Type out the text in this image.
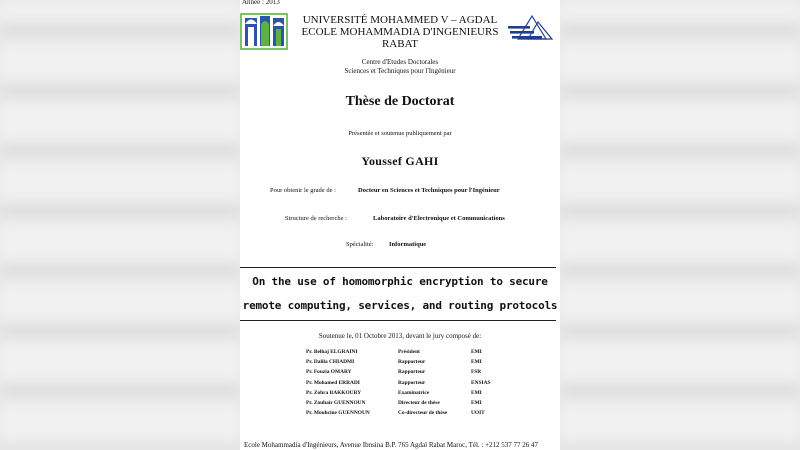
Année : 2013
UNIVERSITÉ MOHAMMED V – AGDAL
ECOLE MOHAMMADIA D'INGENIEURS
RABAT
Centre d'Etudes Doctorales
Sciences et Techniques pour l'Ingénieur
Thèse de Doctorat
Présentée et soutenue publiquement par
Youssef GAHI
Pour obtenir le grade de :	Docteur en Sciences et Techniques pour l'Ingénieur
Structure de recherche :	Laboratoire d'Electronique et Communications
Spécialité: Informatique
On the use of homomorphic encryption to secure
remote computing, services, and routing protocols
Soutenue le, 01 Octobre 2013, devant le jury composé de:
Pr. Belhaj ELGRAINI	Président	EMI
Pr. Dalila CHIADMI	Rapporteur	EMI
Pr. Fouzia OMARY	Rapporteur	FSR
Pr. Mohamed ERRADI	Rapporteur	ENSIAS
Pr. Zohra BAKKOURY	Examinatrice	EMI
Pr. Zouhair GUENNOUN	Directeur de thèse	EMI
Pr. Mouhcine GUENNOUN	Co-directeur de thèse	UOIT
Ecole Mohammadia d'Ingénieurs, Avenue Ibnsina B.P. 765 Agdal Rabat Maroc, Tél. : +212 537 77 26 47
